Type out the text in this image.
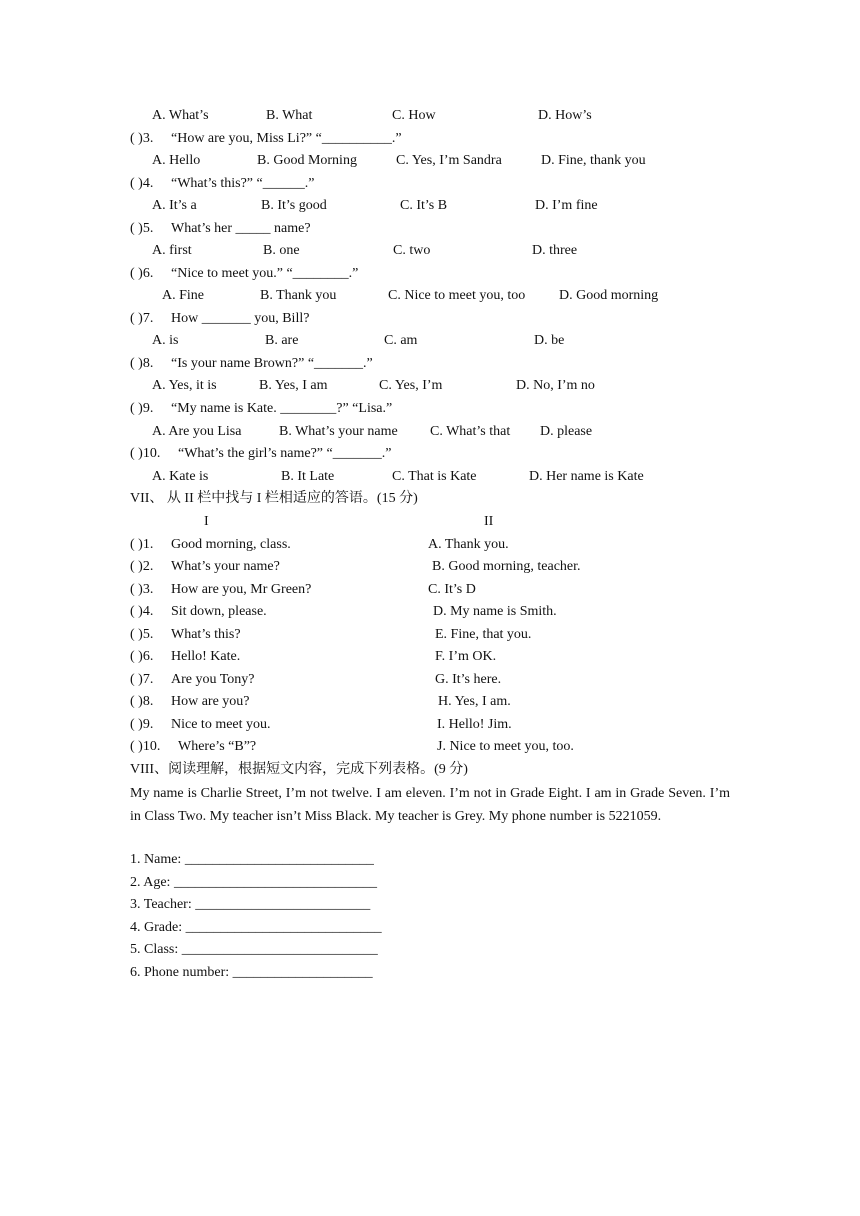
A. What’s	B. What	C. How	D. How’s
( )3. “How are you, Miss Li?” “__________.”
A. Hello	B. Good Morning	C. Yes, I’m Sandra	D. Fine, thank you
( )4. “What’s this?” “______.”
A. It’s a	B. It’s good	C. It’s B	D. I’m fine
( )5. What’s her _____ name?
A. first	B. one	C. two	D. three
( )6. “Nice to meet you.” “________.”
A. Fine	B. Thank you	C. Nice to meet you, too D. Good morning
( )7. How _______ you, Bill?
A. is	B. are	C. am	D. be
( )8. “Is your name Brown?” “_______.”
A. Yes, it is	B. Yes, I am	C. Yes, I’m	D. No, I’m no
( )9. “My name is Kate. ________?” “Lisa.”
A. Are you Lisa	B. What’s your name C. What’s that D. please
( )10. “What’s the girl’s name?” “_______.”
A. Kate is	B. It Late	C. That is Kate	D. Her name is Kate
VII、 从 II 栏中找与 I 栏相适应的答语。(15 分)
I	II
( )1. Good morning, class.	A. Thank you.
( )2. What’s your name?	B. Good morning, teacher.
( )3. How are you, Mr Green?	C. It’s D
( )4. Sit down, please.	D. My name is Smith.
( )5. What’s this?	E. Fine, that you.
( )6. Hello! Kate.	F. I’m OK.
( )7. Are you Tony?	G. It’s here.
( )8. How are you?	H. Yes, I am.
( )9. Nice to meet you.	I. Hello! Jim.
( )10. Where’s “B”?	J. Nice to meet you, too.
VIII、阅读理解，根据短文内容，完成下列表格。(9 分)
My name is Charlie Street, I’m not twelve. I am eleven. I’m not in Grade Eight. I am in Grade Seven. I’m in Class Two. My teacher isn’t Miss Black. My teacher is Grey. My phone number is 5221059.
1. Name: ___________________________
2. Age: _____________________________
3. Teacher: _________________________
4. Grade: ____________________________
5. Class: ____________________________
6. Phone number: ____________________
